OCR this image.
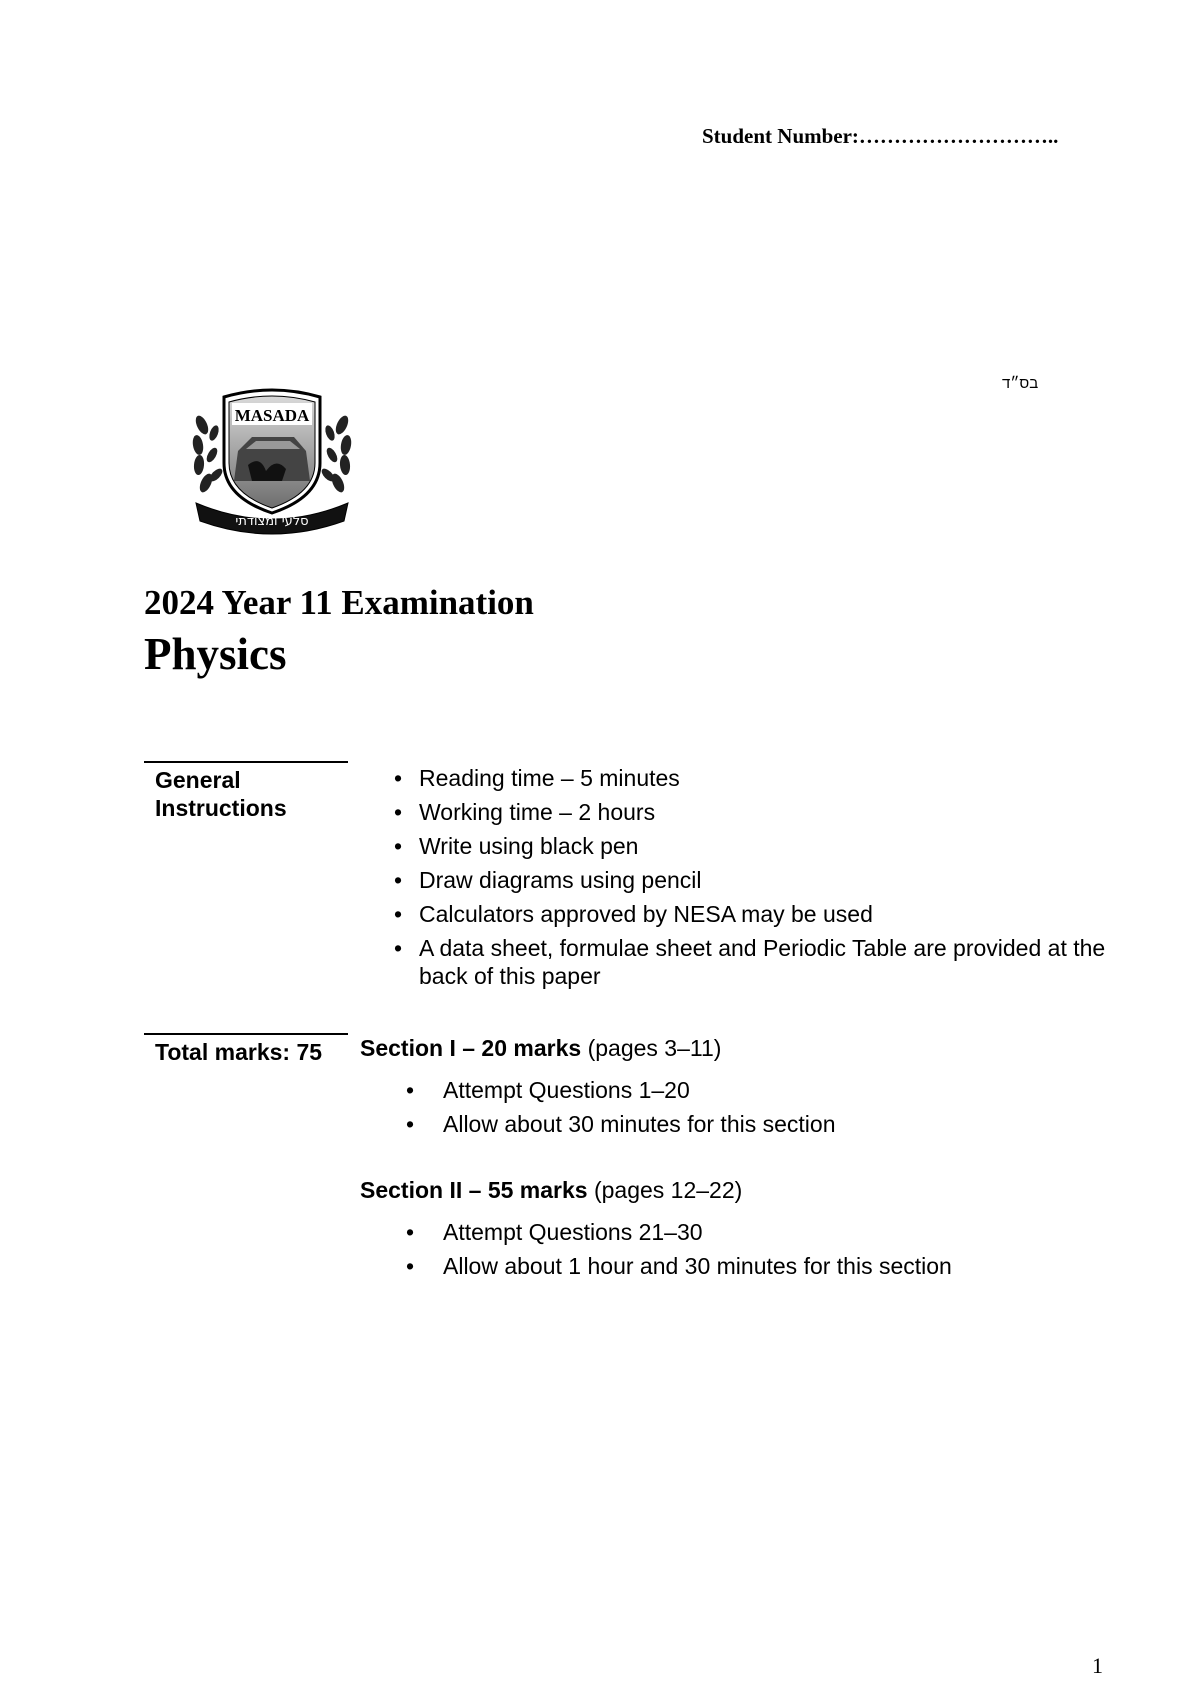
Student Number:………………………..
בס״ד
MASADA
סלעי ומצודתי
2024 Year 11 Examination
Physics
General Instructions
• Reading time – 5 minutes
• Working time – 2 hours
• Write using black pen
• Draw diagrams using pencil
• Calculators approved by NESA may be used
• A data sheet, formulae sheet and Periodic Table are provided at the back of this paper
Total marks: 75	Section I – 20 marks (pages 3–11)
• Attempt Questions 1–20
• Allow about 30 minutes for this section
Section II – 55 marks (pages 12–22)
• Attempt Questions 21–30
• Allow about 1 hour and 30 minutes for this section
1
